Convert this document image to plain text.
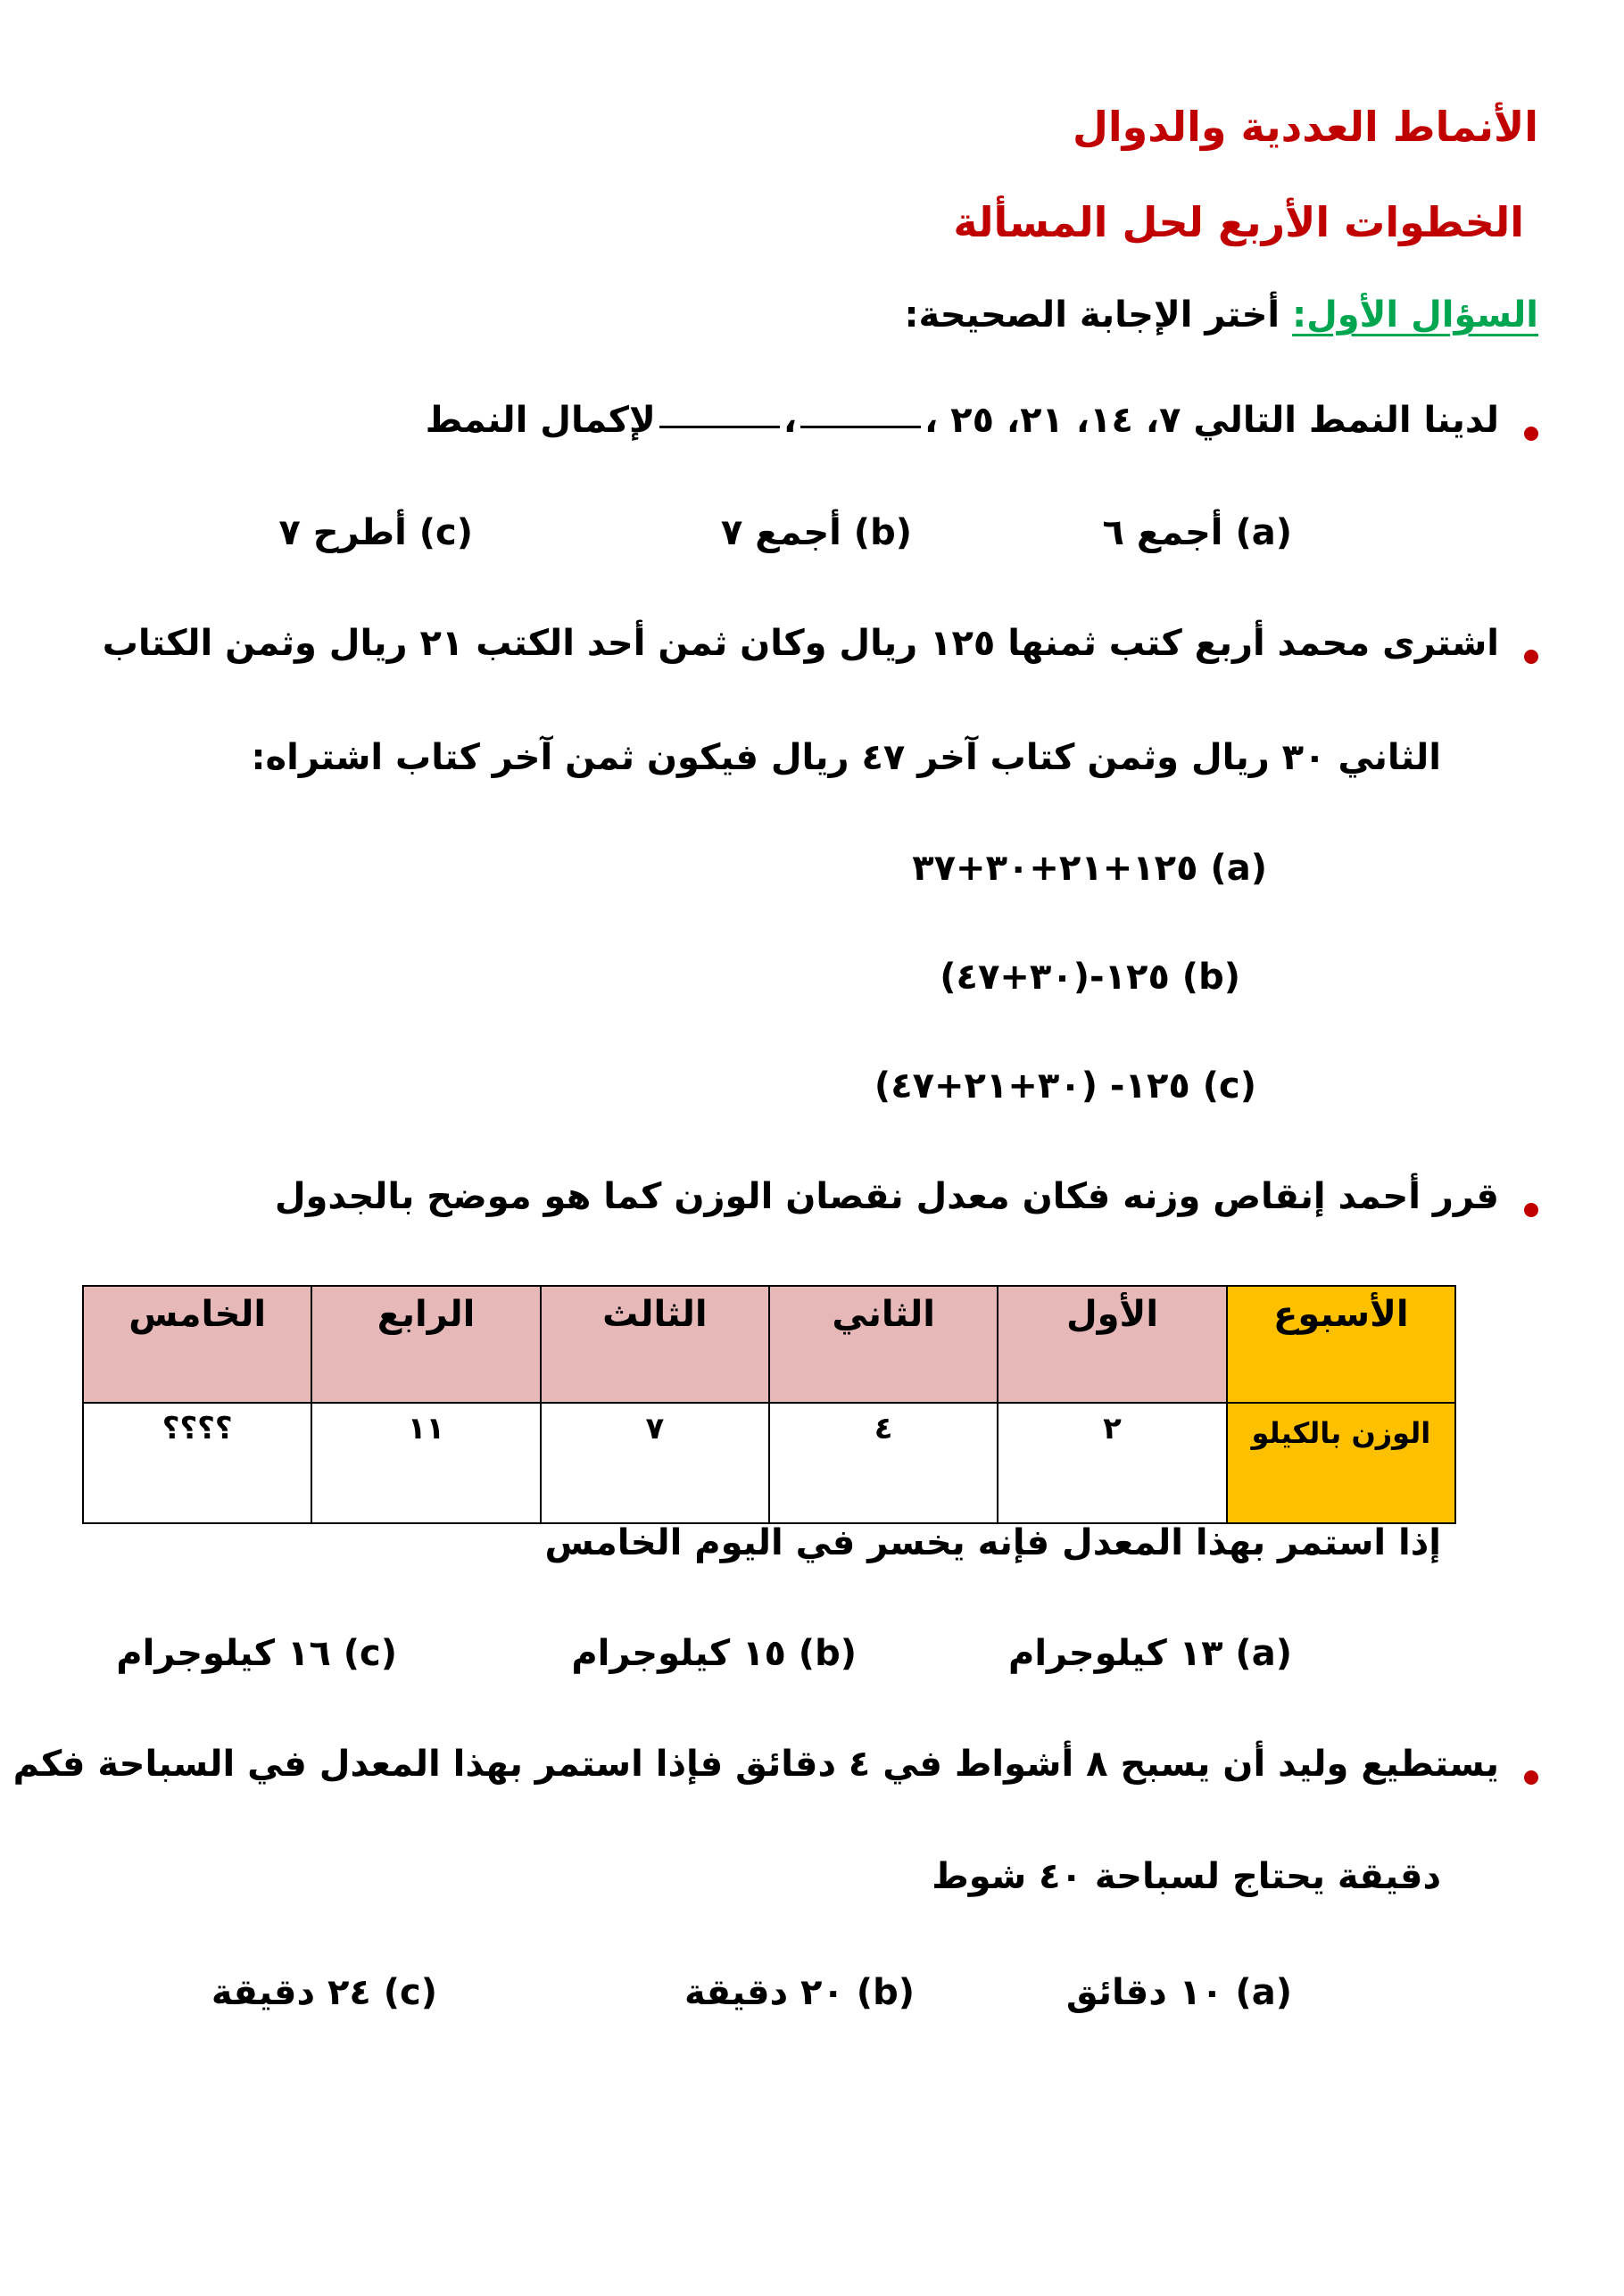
الأنماط العددية والدوال
الخطوات الأربع لحل المسألة
السؤال الأول: أختر الإجابة الصحيحة:
لدينا النمط التالي ٧، ١٤، ٢١، ٢٥ ،،لإكمال النمط
(a) أجمع ٦
(b) أجمع ٧
(c) أطرح ٧
اشترى محمد أربع كتب ثمنها ١٢٥ ريال وكان ثمن أحد الكتب ٢١ ريال وثمن الكتاب
الثاني ٣٠ ريال وثمن كتاب آخر ٤٧ ريال فيكون ثمن آخر كتاب اشتراه:
(a) ١٢٥+٢١+٣٠+٣٧
(b) ١٢٥-(٣٠+٤٧)
(c) ١٢٥- (٣٠+٢١+٤٧)
قرر أحمد إنقاص وزنه فكان معدل نقصان الوزن كما هو موضح بالجدول
الأسبوع	الأول	الثاني	الثالث	الرابع	الخامس
الوزن بالكيلو	٢	٤	٧	١١	؟؟؟؟
إذا استمر بهذا المعدل فإنه يخسر في اليوم الخامس
(a) ١٣ كيلوجرام
(b) ١٥ كيلوجرام
(c) ١٦ كيلوجرام
يستطيع وليد أن يسبح ٨ أشواط في ٤ دقائق فإذا استمر بهذا المعدل في السباحة فكم
دقيقة يحتاج لسباحة ٤٠ شوط
(a) ١٠ دقائق
(b) ٢٠ دقيقة
(c) ٢٤ دقيقة
